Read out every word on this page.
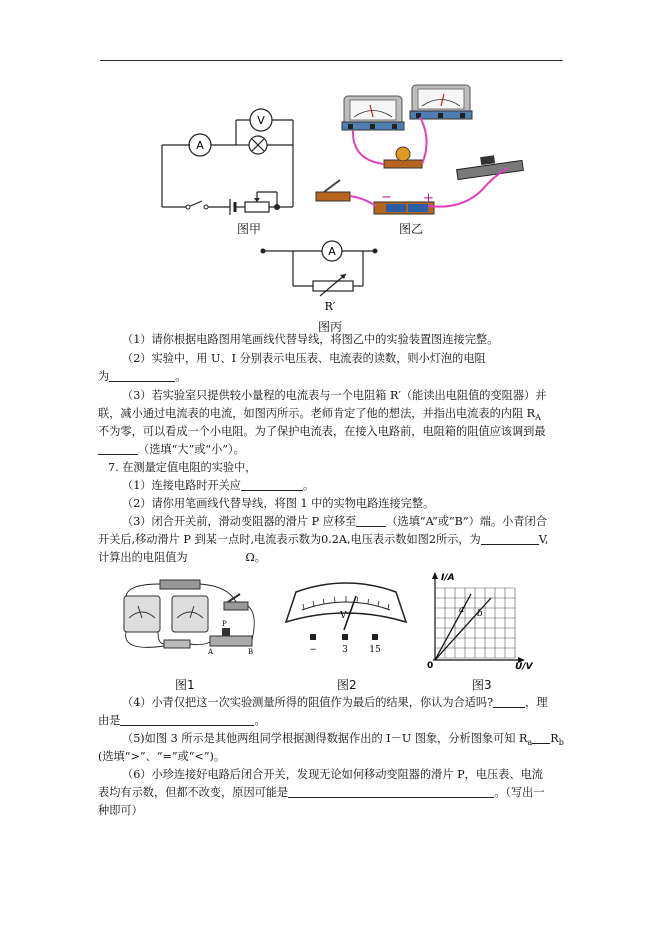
A
V
图甲
− +
图乙
A
R′
图丙
（1）请你根据电路图用笔画线代替导线，将图乙中的实验装置图连接完整。
（2）实验中，用 U、I 分别表示电压表、电流表的读数，则小灯泡的电阻
为	。
（3）若实验室只提供较小量程的电流表与一个电阻箱 R′（能读出电阻值的变阻器）并
联，减小通过电流表的电流，如图丙所示。老师肯定了他的想法，并指出电流表的内阻 $R_A$
不为零，可以看成一个小电阻。为了保护电流表，在接入电路前，电阻箱的阻值应该调到最
（选填“大”或“小”）。
7. 在测量定值电阻的实验中，
（1）连接电路时开关应	。
（2）请你用笔画线代替导线，将图 1 中的实物电路连接完整。
（3）闭合开关前，滑动变阻器的滑片 P 应移至	（选填“A”或“B”）端。小青闭合
开关后,移动滑片 P 到某一点时,电流表示数为0.2A,电压表示数如图2所示，为	V,
计算出的电阻值为	Ω。
P
A	B
图1
V
−	3 15
图2
I/A
U/V
0
a b
图3
（4）小青仅把这一次实验测量所得的阻值作为最后的结果，你认为合适吗?	，理
由是	。
（5)如图 3 所示是其他两组同学根据测得数据作出的 I－U 图象，分析图象可知 $R_a$ $R_b$
(选填“>”、“=”或“<”)。
（6）小珍连接好电路后闭合开关，发现无论如何移动变阻器的滑片 P，电压表、电流
表均有示数，但都不改变，原因可能是	。（写出一
种即可）
